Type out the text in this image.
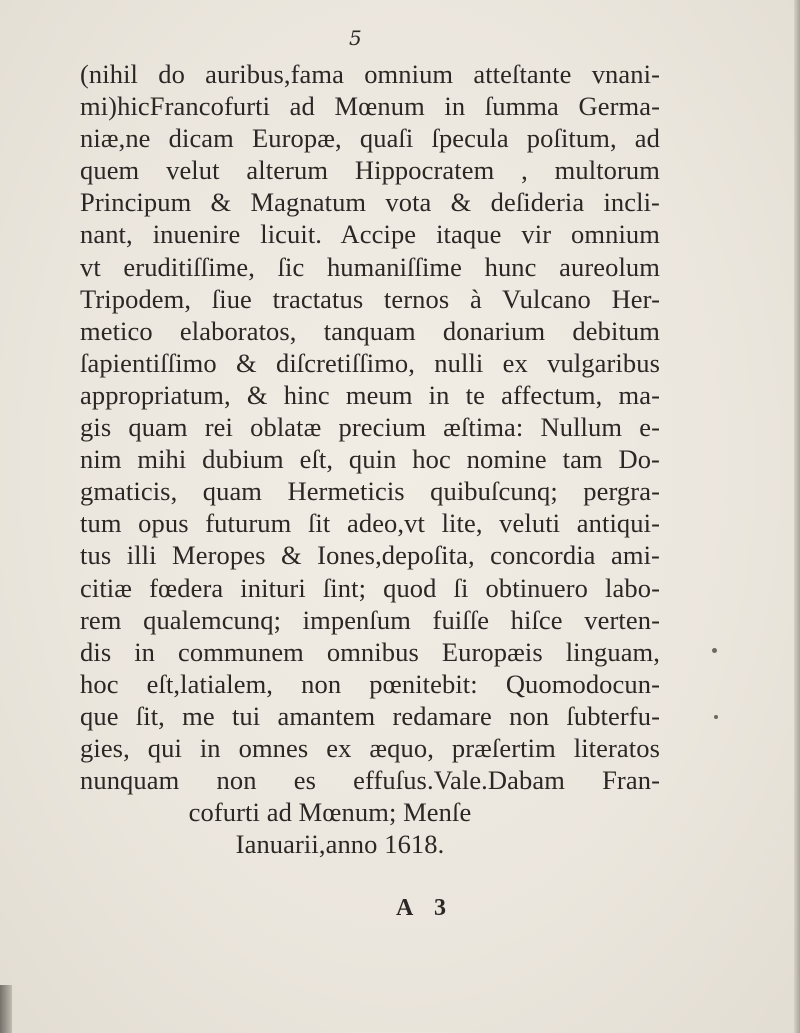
5
(nihil do auribus,fama omnium atteſtante vnani-
mi)hicFrancofurti ad Mœnum in ſumma Germa-
niæ,ne dicam Europæ, quaſi ſpecula poſitum, ad
quem velut alterum Hippocratem , multorum
Principum & Magnatum vota & deſideria incli-
nant, inuenire licuit. Accipe itaque vir omnium
vt eruditiſſime, ſic humaniſſime hunc aureolum
Tripodem, ſiue tractatus ternos à Vulcano Her-
metico elaboratos, tanquam donarium debitum
ſapientiſſimo & diſcretiſſimo, nulli ex vulgaribus
appropriatum, & hinc meum in te affectum, ma-
gis quam rei oblatæ precium æſtima: Nullum e-
nim mihi dubium eſt, quin hoc nomine tam Do-
gmaticis, quam Hermeticis quibuſcunq; pergra-
tum opus futurum ſit adeo,vt lite, veluti antiqui-
tus illi Meropes & Iones,depoſita, concordia ami-
citiæ fœdera inituri ſint; quod ſi obtinuero labo-
rem qualemcunq; impenſum fuiſſe hiſce verten-
dis in communem omnibus Europæis linguam,
hoc eſt,latialem, non pœnitebit: Quomodocun-
que ſit, me tui amantem redamare non ſubterfu-
gies, qui in omnes ex æquo, præſertim literatos
nunquam non es effuſus.Vale.Dabam Fran-
cofurti ad Mœnum; Menſe
Ianuarii,anno 1618.
A 3
